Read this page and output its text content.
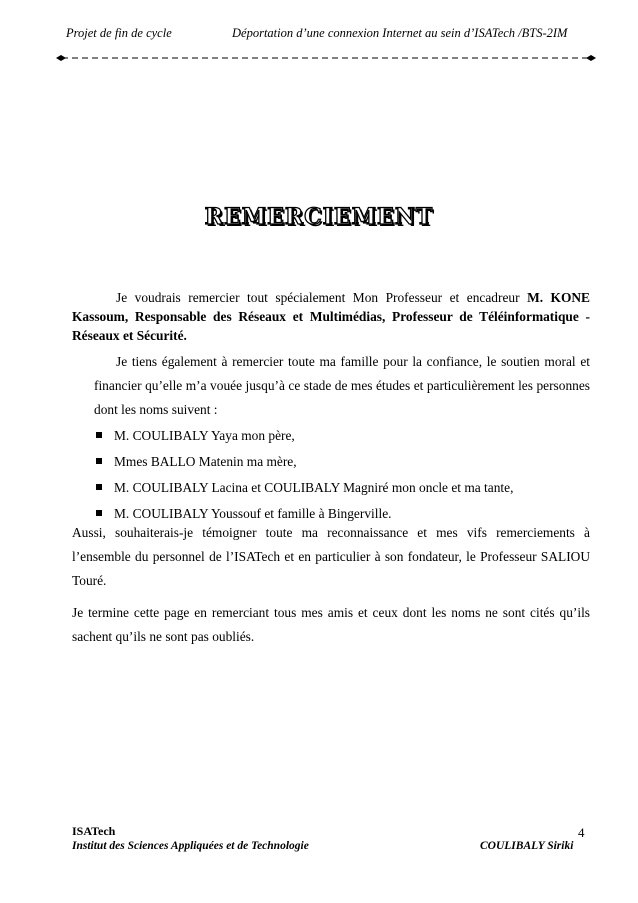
Projet de fin de cycle	Déportation d’une connexion Internet au sein d’ISATech /BTS-2IM
remerciement
Je voudrais remercier tout spécialement Mon Professeur et encadreur M. KONE Kassoum, Responsable des Réseaux et Multimédias, Professeur de Téléinformatique - Réseaux et Sécurité.
Je tiens également à remercier toute ma famille pour la confiance, le soutien moral et financier qu’elle m’a vouée jusqu’à ce stade de mes études et particulièrement les personnes dont les noms suivent :
M. COULIBALY Yaya mon père,
Mmes BALLO Matenin ma mère,
M. COULIBALY Lacina et COULIBALY Magniré mon oncle et ma tante,
M. COULIBALY Youssouf et famille à Bingerville.
Aussi, souhaiterais-je témoigner toute ma reconnaissance et mes vifs remerciements à l’ensemble du personnel de l’ISATech et en particulier à son fondateur, le Professeur SALIOU Touré.
Je termine cette page en remerciant tous mes amis et ceux dont les noms ne sont cités qu’ils sachent qu’ils ne sont pas oubliés.
ISATech
Institut des Sciences Appliquées et de Technologie	COULIBALY Siriki
4
